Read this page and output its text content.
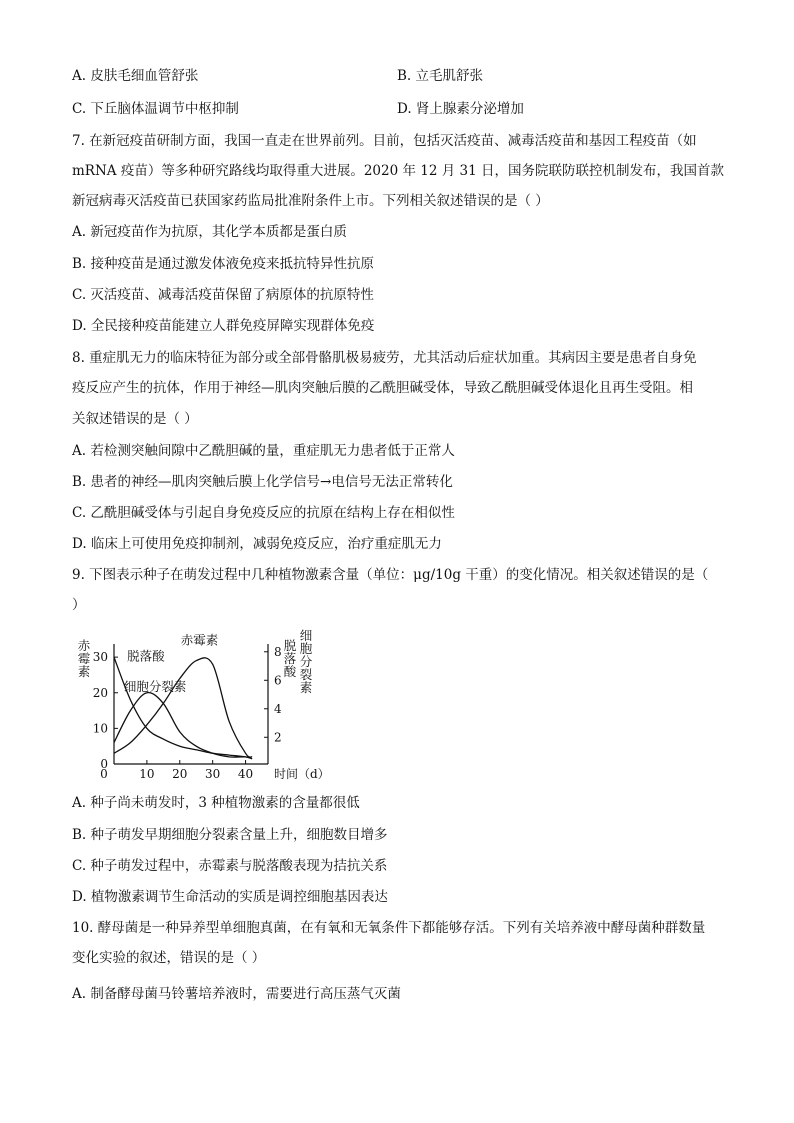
A. 皮肤毛细血管舒张	B. 立毛肌舒张
C. 下丘脑体温调节中枢抑制	D. 肾上腺素分泌增加
7. 在新冠疫苗研制方面，我国一直走在世界前列。目前，包括灭活疫苗、减毒活疫苗和基因工程疫苗（如
mRNA 疫苗）等多种研究路线均取得重大进展。2020 年 12 月 31 日，国务院联防联控机制发布，我国首款
新冠病毒灭活疫苗已获国家药监局批准附条件上市。下列相关叙述错误的是（ ）
A. 新冠疫苗作为抗原，其化学本质都是蛋白质
B. 接种疫苗是通过激发体液免疫来抵抗特异性抗原
C. 灭活疫苗、减毒活疫苗保留了病原体的抗原特性
D. 全民接种疫苗能建立人群免疫屏障实现群体免疫
8. 重症肌无力的临床特征为部分或全部骨骼肌极易疲劳，尤其活动后症状加重。其病因主要是患者自身免
疫反应产生的抗体，作用于神经—肌肉突触后膜的乙酰胆碱受体，导致乙酰胆碱受体退化且再生受阻。相
关叙述错误的是（ ）
A. 若检测突触间隙中乙酰胆碱的量，重症肌无力患者低于正常人
B. 患者的神经—肌肉突触后膜上化学信号→电信号无法正常转化
C. 乙酰胆碱受体与引起自身免疫反应的抗原在结构上存在相似性
D. 临床上可使用免疫抑制剂，减弱免疫反应，治疗重症肌无力
9. 下图表示种子在萌发过程中几种植物激素含量（单位：μg/10g 干重）的变化情况。相关叙述错误的是（
）
0
10
20
30
0	10 20 30 40 时间（d）
2
4
6
8
赤霉素
脱落酸
细胞分裂素
脱落酸
细胞分裂素
赤霉素
A. 种子尚未萌发时，3 种植物激素的含量都很低
B. 种子萌发早期细胞分裂素含量上升，细胞数目增多
C. 种子萌发过程中，赤霉素与脱落酸表现为拮抗关系
D. 植物激素调节生命活动的实质是调控细胞基因表达
10. 酵母菌是一种异养型单细胞真菌，在有氧和无氧条件下都能够存活。下列有关培养液中酵母菌种群数量
变化实验的叙述，错误的是（ ）
A. 制备酵母菌马铃薯培养液时，需要进行高压蒸气灭菌
